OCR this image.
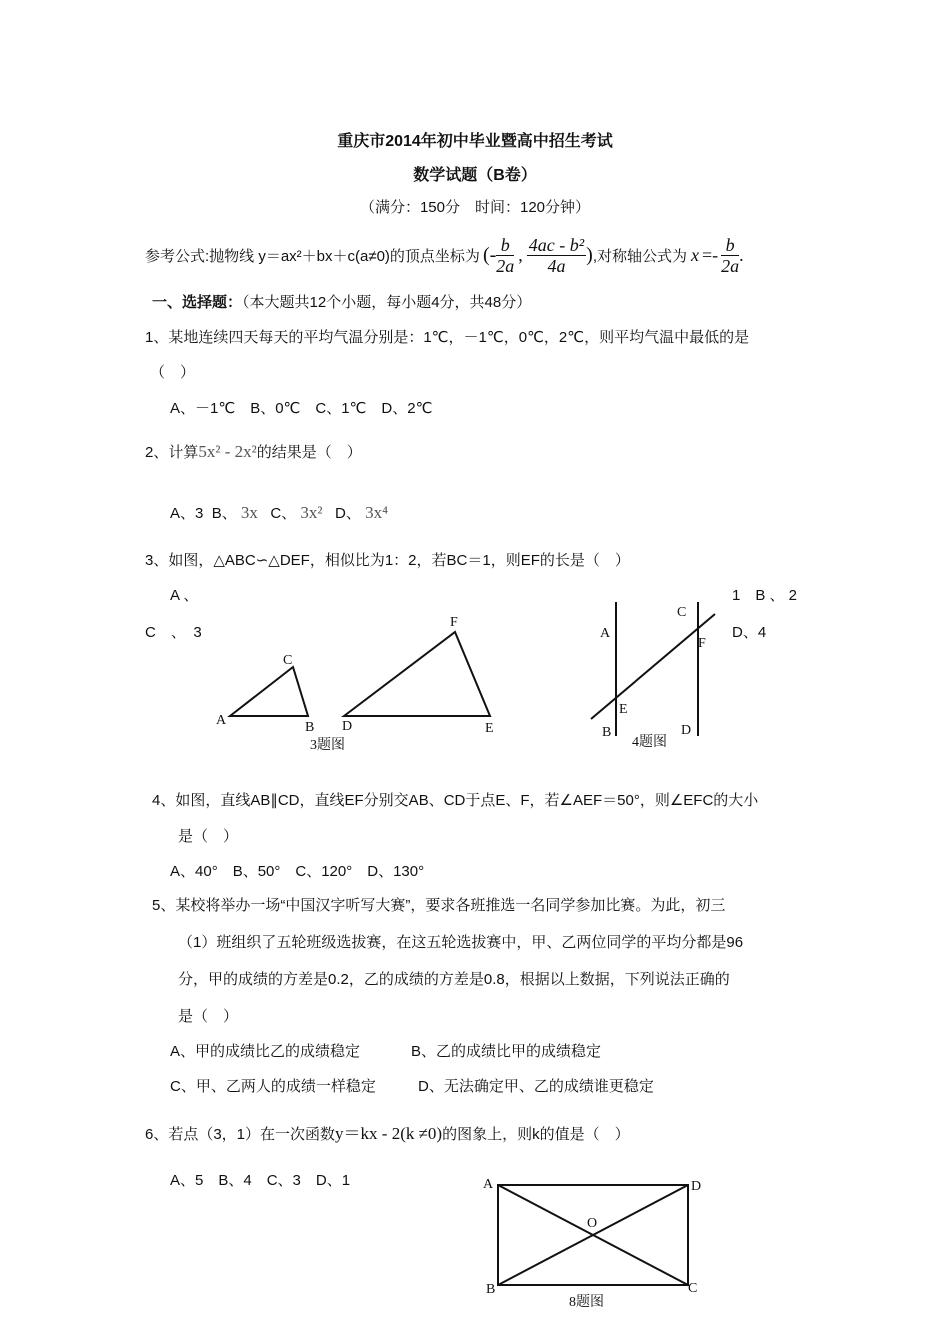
重庆市2014年初中毕业暨高中招生考试
数学试题（B卷）
（满分：150分　时间：120分钟）
参考公式:抛物线 y＝ax²＋bx＋c(a≠0)的顶点坐标为 (- $\frac{b}{2a}$ , $\frac{\text{4ac - b²}}{4a}$ ) ,对称轴公式为 $x =- \frac{b}{2a}$ .
一、选择题：（本大题共12个小题，每小题4分，共48分）
1、某地连续四天每天的平均气温分别是：1℃，－1℃，0℃，2℃，则平均气温中最低的是
（　）
A、－1℃　B、0℃　C、1℃　D、2℃
2、计算5x² - 2x²的结果是（　）
A、3 B、 3x C、 3x² D、 3x⁴
3、如图，△ABC∽△DEF，相似比为1：2，若BC＝1，则EF的长是（　）
A 、	1　B 、 2
C　、　3	D、4
A	B
C
D	E
F
3题图
A
B
C
D
E
F
4题图
4、如图，直线AB∥CD，直线EF分别交AB、CD于点E、F，若∠AEF＝50°，则∠EFC的大小
是（　）
A、40°　B、50°　C、120°　D、130°
5、某校将举办一场“中国汉字听写大赛”，要求各班推选一名同学参加比赛。为此，初三
（1）班组织了五轮班级选拔赛，在这五轮选拔赛中，甲、乙两位同学的平均分都是96
分，甲的成绩的方差是0.2，乙的成绩的方差是0.8，根据以上数据，下列说法正确的
是（　）
A、甲的成绩比乙的成绩稳定	B、乙的成绩比甲的成绩稳定
C、甲、乙两人的成绩一样稳定	D、无法确定甲、乙的成绩谁更稳定
6、若点（3，1）在一次函数y＝kx - 2(k ≠0)的图象上，则k的值是（　）
A、5　B、4　C、3　D、1	A
B	C
D
O
8题图
